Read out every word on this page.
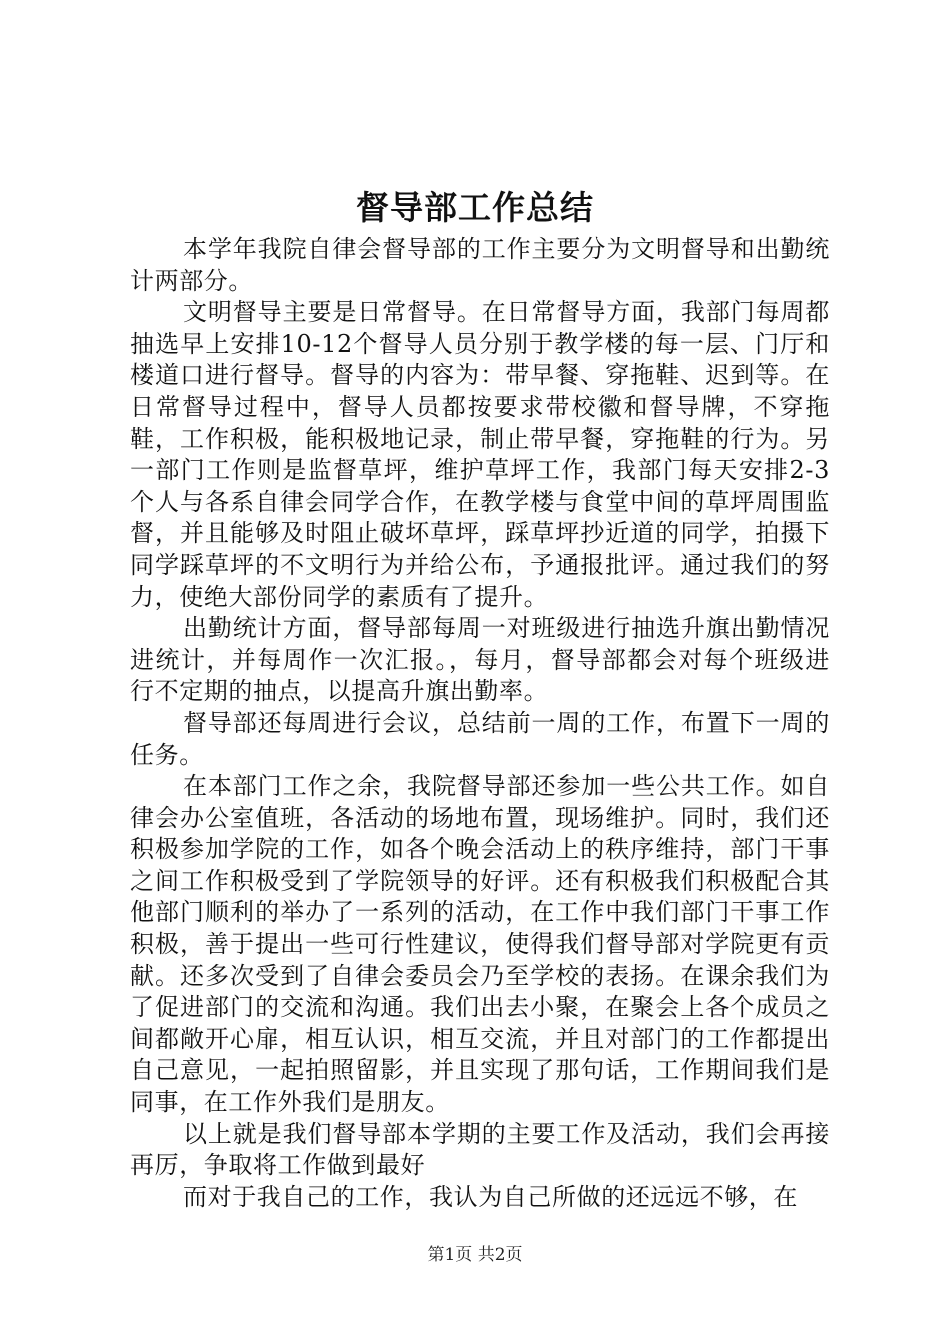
督导部工作总结

本学年我院自律会督导部的工作主要分为文明督导和出勤统计两部分。

文明督导主要是日常督导。在日常督导方面，我部门每周都抽选早上安排10-12个督导人员分别于教学楼的每一层、门厅和楼道口进行督导。督导的内容为：带早餐、穿拖鞋、迟到等。在日常督导过程中，督导人员都按要求带校徽和督导牌，不穿拖鞋，工作积极，能积极地记录，制止带早餐，穿拖鞋的行为。另一部门工作则是监督草坪，维护草坪工作，我部门每天安排2-3个人与各系自律会同学合作，在教学楼与食堂中间的草坪周围监督，并且能够及时阻止破坏草坪，踩草坪抄近道的同学，拍摄下同学踩草坪的不文明行为并给公布，予通报批评。通过我们的努力，使绝大部份同学的素质有了提升。

出勤统计方面，督导部每周一对班级进行抽选升旗出勤情况进统计，并每周作一次汇报。，每月，督导部都会对每个班级进行不定期的抽点，以提高升旗出勤率。

督导部还每周进行会议，总结前一周的工作，布置下一周的任务。

在本部门工作之余，我院督导部还参加一些公共工作。如自律会办公室值班，各活动的场地布置，现场维护。同时，我们还积极参加学院的工作，如各个晚会活动上的秩序维持，部门干事之间工作积极受到了学院领导的好评。还有积极我们积极配合其他部门顺利的举办了一系列的活动，在工作中我们部门干事工作积极，善于提出一些可行性建议，使得我们督导部对学院更有贡献。还多次受到了自律会委员会乃至学校的表扬。在课余我们为了促进部门的交流和沟通。我们出去小聚，在聚会上各个成员之间都敞开心扉，相互认识，相互交流，并且对部门的工作都提出自己意见，一起拍照留影，并且实现了那句话，工作期间我们是同事，在工作外我们是朋友。

以上就是我们督导部本学期的主要工作及活动，我们会再接再厉，争取将工作做到最好

而对于我自己的工作，我认为自己所做的还远远不够，在

第1页 共2页
